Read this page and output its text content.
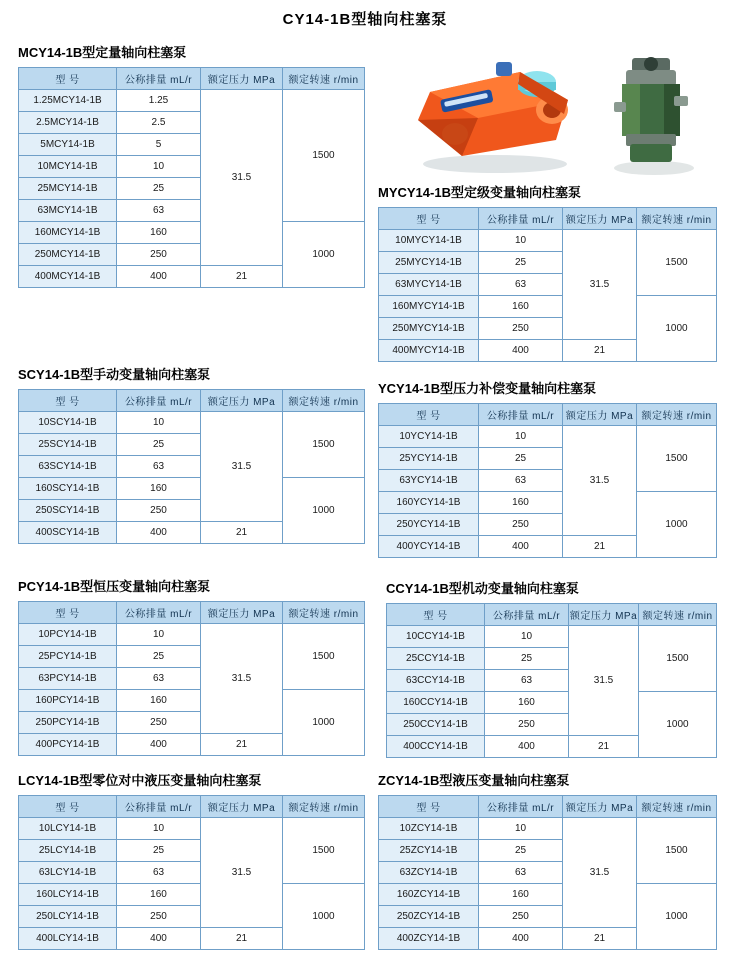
CY14-1B型轴向柱塞泵
MCY14-1B型定量轴向柱塞泵
型 号	公称排量 mL/r	额定压力 MPa	额定转速 r/min
1.25MCY14-1B	1.25	31.5	1500
2.5MCY14-1B	2.5		
5MCY14-1B	5		
10MCY14-1B	10		
25MCY14-1B	25		
63MCY14-1B	63		
160MCY14-1B	160		1000
250MCY14-1B	250		
400MCY14-1B	400	21	
SCY14-1B型手动变量轴向柱塞泵
型 号	公称排量 mL/r	额定压力 MPa	额定转速 r/min
10SCY14-1B	10	31.5	1500
25SCY14-1B	25		
63SCY14-1B	63		
160SCY14-1B	160		1000
250SCY14-1B	250		
400SCY14-1B	400	21	
PCY14-1B型恒压变量轴向柱塞泵
型 号	公称排量 mL/r	额定压力 MPa	额定转速 r/min
10PCY14-1B	10	31.5	1500
25PCY14-1B	25		
63PCY14-1B	63		
160PCY14-1B	160		1000
250PCY14-1B	250		
400PCY14-1B	400	21	
LCY14-1B型零位对中液压变量轴向柱塞泵
型 号	公称排量 mL/r	额定压力 MPa	额定转速 r/min
10LCY14-1B	10	31.5	1500
25LCY14-1B	25		
63LCY14-1B	63		
160LCY14-1B	160		1000
250LCY14-1B	250		
400LCY14-1B	400	21	
MYCY14-1B型定级变量轴向柱塞泵
型 号	公称排量 mL/r	额定压力 MPa	额定转速 r/min
10MYCY14-1B	10	31.5	1500
25MYCY14-1B	25		
63MYCY14-1B	63		
160MYCY14-1B	160		1000
250MYCY14-1B	250		
400MYCY14-1B	400	21	
YCY14-1B型压力补偿变量轴向柱塞泵
型 号	公称排量 mL/r	额定压力 MPa	额定转速 r/min
10YCY14-1B	10	31.5	1500
25YCY14-1B	25		
63YCY14-1B	63		
160YCY14-1B	160		1000
250YCY14-1B	250		
400YCY14-1B	400	21	
CCY14-1B型机动变量轴向柱塞泵
型 号	公称排量 mL/r	额定压力 MPa	额定转速 r/min
10CCY14-1B	10	31.5	1500
25CCY14-1B	25		
63CCY14-1B	63		
160CCY14-1B	160		1000
250CCY14-1B	250		
400CCY14-1B	400	21	
ZCY14-1B型液压变量轴向柱塞泵
型 号	公称排量 mL/r	额定压力 MPa	额定转速 r/min
10ZCY14-1B	10	31.5	1500
25ZCY14-1B	25		
63ZCY14-1B	63		
160ZCY14-1B	160		1000
250ZCY14-1B	250		
400ZCY14-1B	400	21	
